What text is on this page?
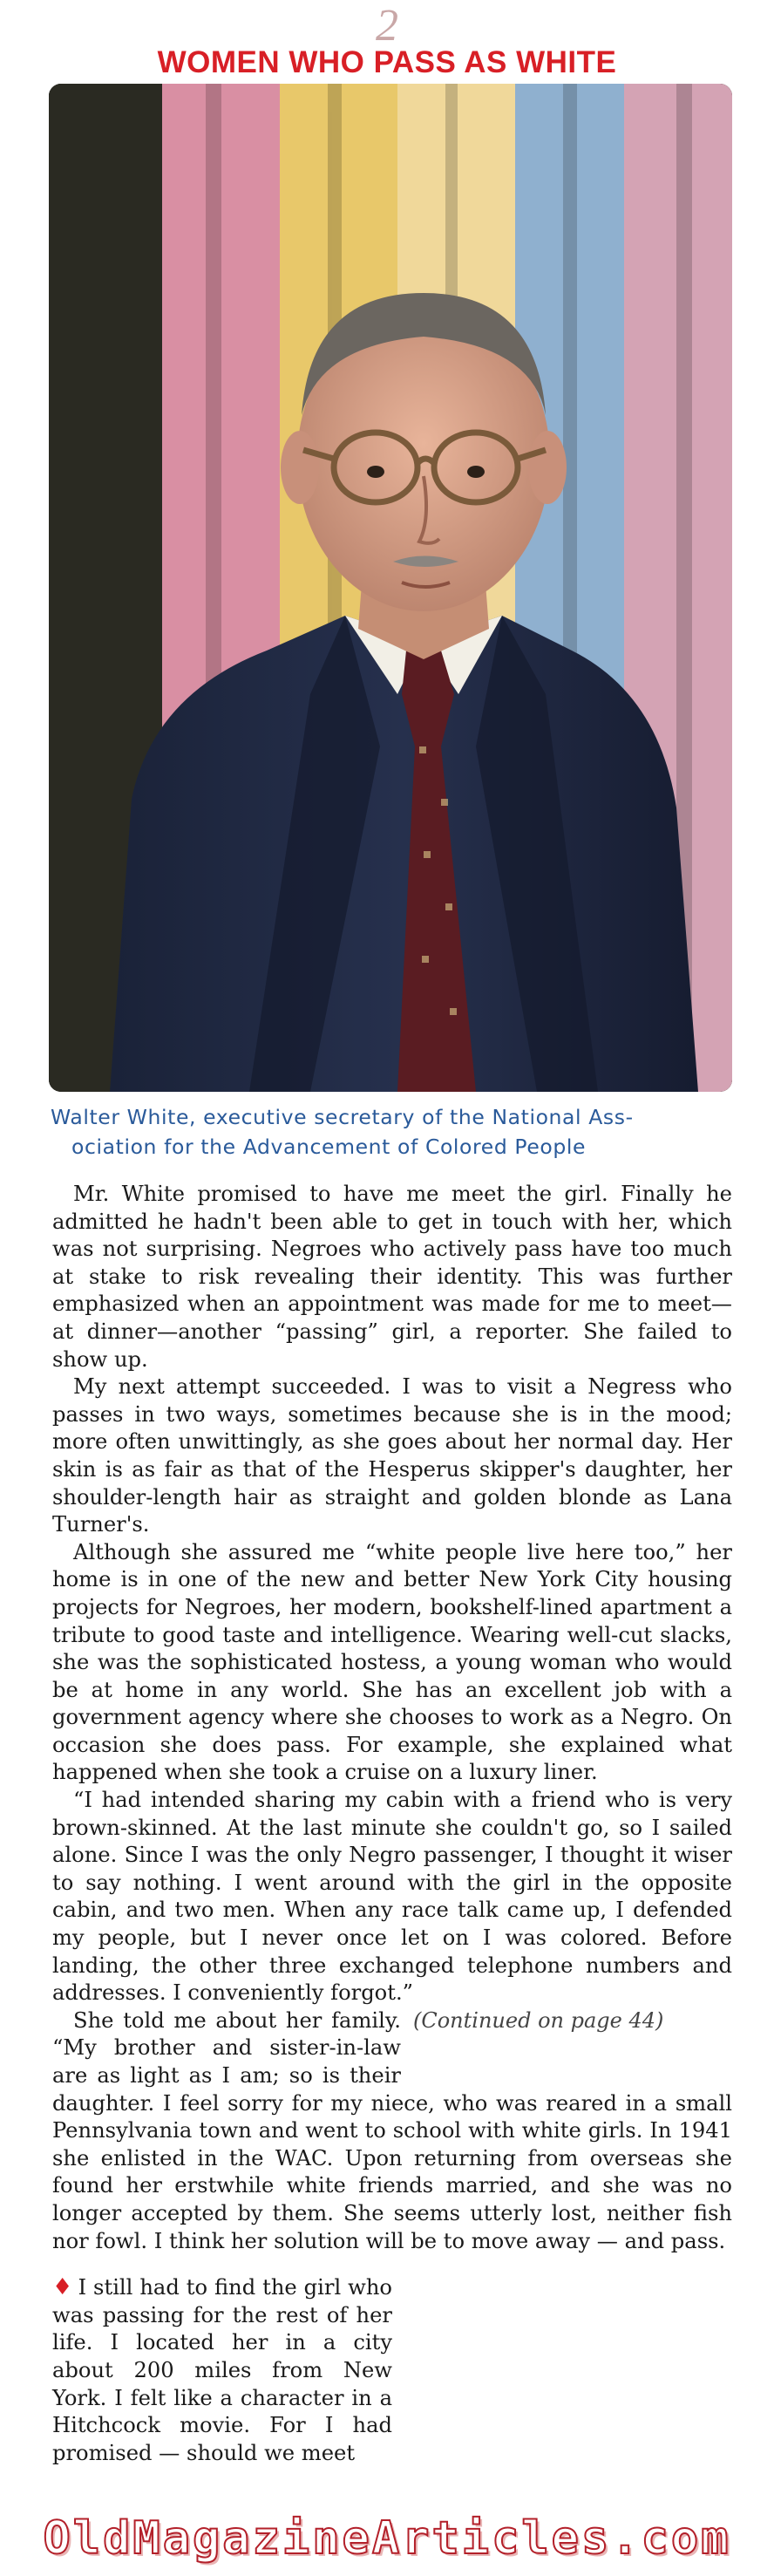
2
WOMEN WHO PASS AS WHITE
Walter White, executive secretary of the National Ass-
ociation for the Advancement of Colored People

Mr. White promised to have me meet the girl. Finally he admitted he hadn't been able to get in touch with her, which was not surprising. Negroes who actively pass have too much at stake to risk revealing their identity. This was further emphasized when an appointment was made for me to meet—at dinner—another “passing” girl, a reporter. She failed to show up.

My next attempt succeeded. I was to visit a Negress who passes in two ways, sometimes because she is in the mood; more often unwittingly, as she goes about her normal day. Her skin is as fair as that of the Hesperus skipper's daughter, her shoulder-length hair as straight and golden blonde as Lana Turner's.

Although she assured me “white people live here too,” her home is in one of the new and better New York City housing projects for Negroes, her modern, bookshelf-lined apartment a tribute to good taste and intelligence. Wearing well-cut slacks, she was the sophisticated hostess, a young woman who would be at home in any world. She has an excellent job with a government agency where she chooses to work as a Negro. On occasion she does pass. For example, she explained what happened when she took a cruise on a luxury liner.

“I had intended sharing my cabin with a friend who is very brown-skinned. At the last minute she couldn't go, so I sailed alone. Since I was the only Negro passenger, I thought it wiser to say nothing. I went around with the girl in the opposite cabin, and two men. When any race talk came up, I defended my people, but I never once let on I was colored. Before landing, the other three exchanged telephone numbers and addresses. I conveniently forgot.”

(Continued on page 44)

She told me about her family. “My brother and sister-in-law are as light as I am; so is their daughter. I feel sorry for my niece, who was reared in a small Pennsylvania town and went to school with white girls. In 1941 she enlisted in the WAC. Upon returning from overseas she found her erstwhile white friends married, and she was no longer accepted by them. She seems utterly lost, neither fish nor fowl. I think her solution will be to move away — and pass.

♦ I still had to find the girl who was passing for the rest of her life. I located her in a city about 200 miles from New York. I felt like a character in a Hitchcock movie. For I had promised — should we meet

OldMagazineArticles.com
